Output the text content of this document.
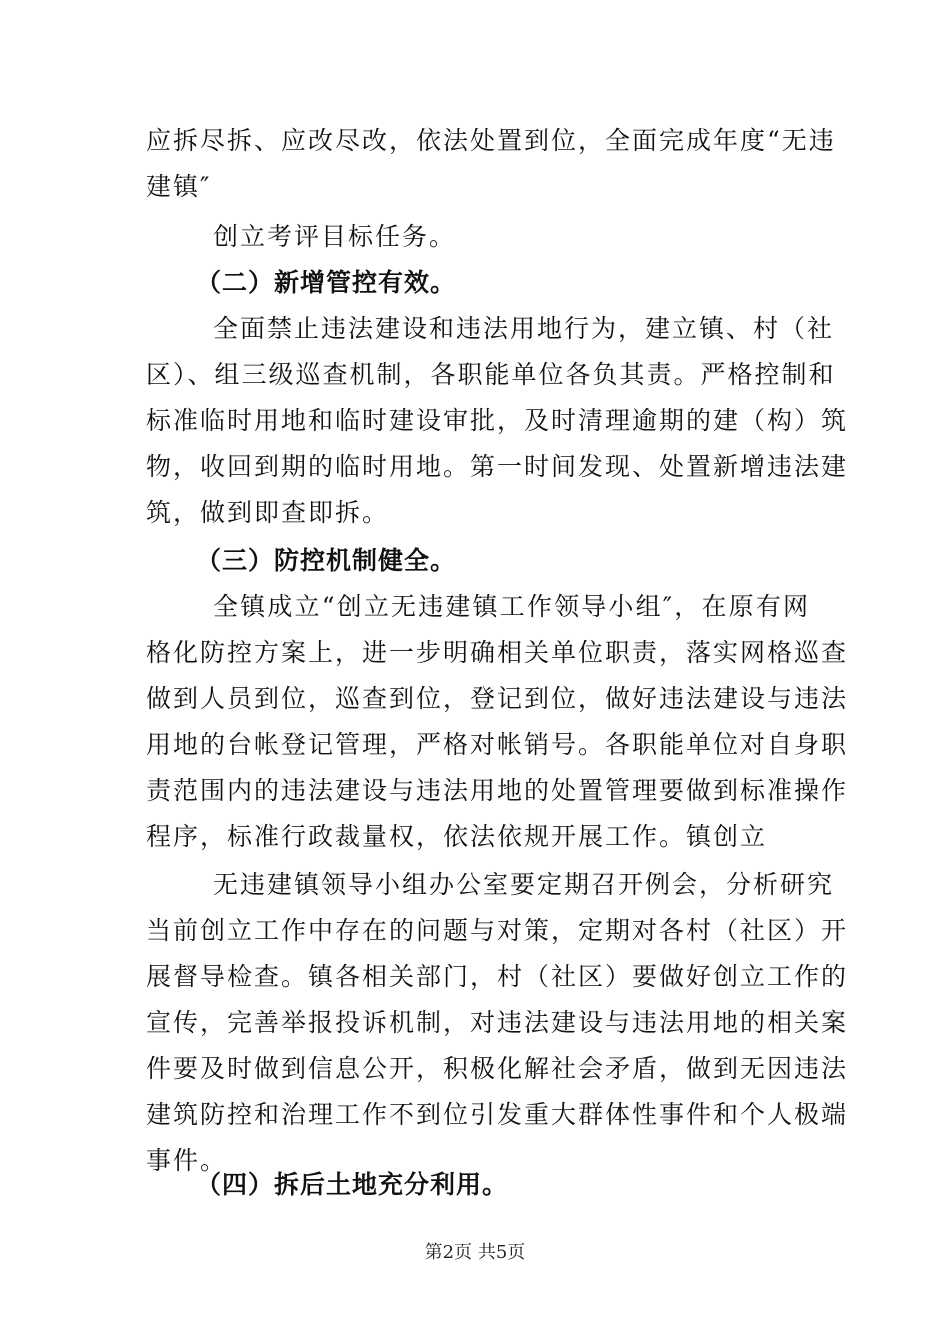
应拆尽拆、应改尽改，依法处置到位，全面完成年度“无违
建镇″
创立考评目标任务。
（二）新增管控有效。
全面禁止违法建设和违法用地行为，建立镇、村（社
区）、组三级巡查机制，各职能单位各负其责。严格控制和
标准临时用地和临时建设审批，及时清理逾期的建（构）筑
物，收回到期的临时用地。第一时间发现、处置新增违法建
筑，做到即查即拆。
（三）防控机制健全。
全镇成立“创立无违建镇工作领导小组″，在原有网
格化防控方案上，进一步明确相关单位职责，落实网格巡查
做到人员到位，巡查到位，登记到位，做好违法建设与违法
用地的台帐登记管理，严格对帐销号。各职能单位对自身职
责范围内的违法建设与违法用地的处置管理要做到标准操作
程序，标准行政裁量权，依法依规开展工作。镇创立
无违建镇领导小组办公室要定期召开例会，分析研究
当前创立工作中存在的问题与对策，定期对各村（社区）开
展督导检查。镇各相关部门，村（社区）要做好创立工作的
宣传，完善举报投诉机制，对违法建设与违法用地的相关案
件要及时做到信息公开，积极化解社会矛盾，做到无因违法
建筑防控和治理工作不到位引发重大群体性事件和个人极端
事件。
（四）拆后土地充分利用。
第2页 共5页
